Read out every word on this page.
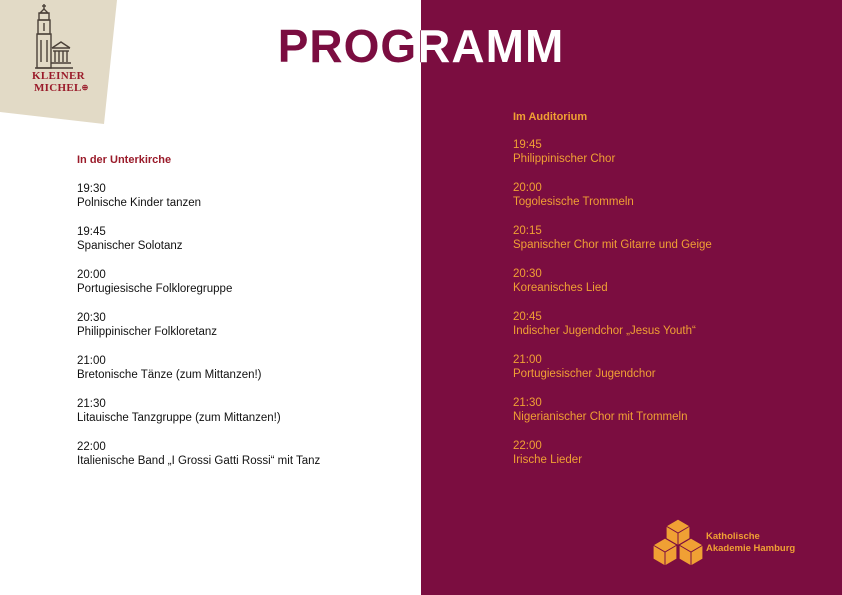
MICHEL⊕
PROGRAMM
In der Unterkirche
19:30
Polnische Kinder tanzen
19:45
Spanischer Solotanz
20:00
Portugiesische Folkloregruppe
20:30
Philippinischer Folkloretanz
21:00
Bretonische Tänze (zum Mittanzen!)
21:30
Litauische Tanzgruppe (zum Mittanzen!)
22:00
Italienische Band „I Grossi Gatti Rossi“ mit Tanz
Im Auditorium
19:45
Philippinischer Chor
20:00
Togolesische Trommeln
20:15
Spanischer Chor mit Gitarre und Geige
20:30
Koreanisches Lied
20:45
Indischer Jugendchor „Jesus Youth“
21:00
Portugiesischer Jugendchor
21:30
Nigerianischer Chor mit Trommeln
22:00
Irische Lieder
Katholische
Akademie Hamburg
